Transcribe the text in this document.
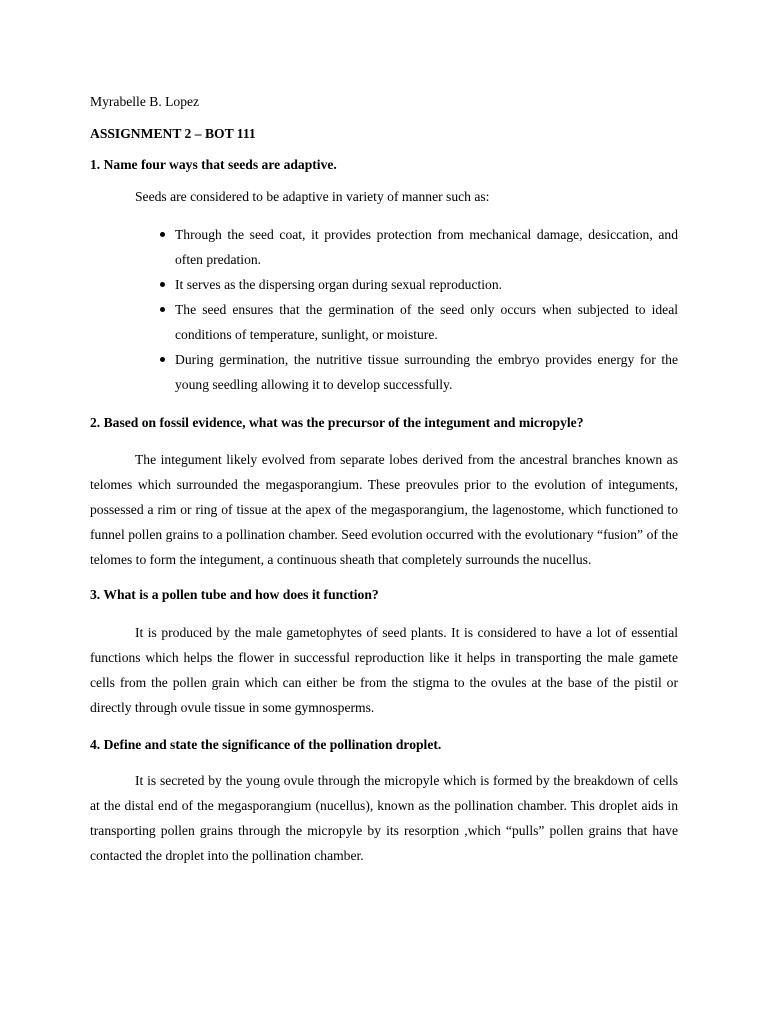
Myrabelle B. Lopez
ASSIGNMENT 2 – BOT 111
1. Name four ways that seeds are adaptive.
Seeds are considered to be adaptive in variety of manner such as:
Through the seed coat, it provides protection from mechanical damage, desiccation, and often predation.
It serves as the dispersing organ during sexual reproduction.
The seed ensures that the germination of the seed only occurs when subjected to ideal conditions of temperature, sunlight, or moisture.
During germination, the nutritive tissue surrounding the embryo provides energy for the young seedling allowing it to develop successfully.
2. Based on fossil evidence, what was the precursor of the integument and micropyle?

The integument likely evolved from separate lobes derived from the ancestral branches known as telomes which surrounded the megasporangium. These preovules prior to the evolution of integuments, possessed a rim or ring of tissue at the apex of the megasporangium, the lagenostome, which functioned to funnel pollen grains to a pollination chamber. Seed evolution occurred with the evolutionary “fusion” of the telomes to form the integument, a continuous sheath that completely surrounds the nucellus.

3. What is a pollen tube and how does it function?

It is produced by the male gametophytes of seed plants. It is considered to have a lot of essential functions which helps the flower in successful reproduction like it helps in transporting the male gamete cells from the pollen grain which can either be from the stigma to the ovules at the base of the pistil or directly through ovule tissue in some gymnosperms.

4. Define and state the significance of the pollination droplet.

It is secreted by the young ovule through the micropyle which is formed by the breakdown of cells at the distal end of the megasporangium (nucellus), known as the pollination chamber. This droplet aids in transporting pollen grains through the micropyle by its resorption ,which “pulls” pollen grains that have contacted the droplet into the pollination chamber.
